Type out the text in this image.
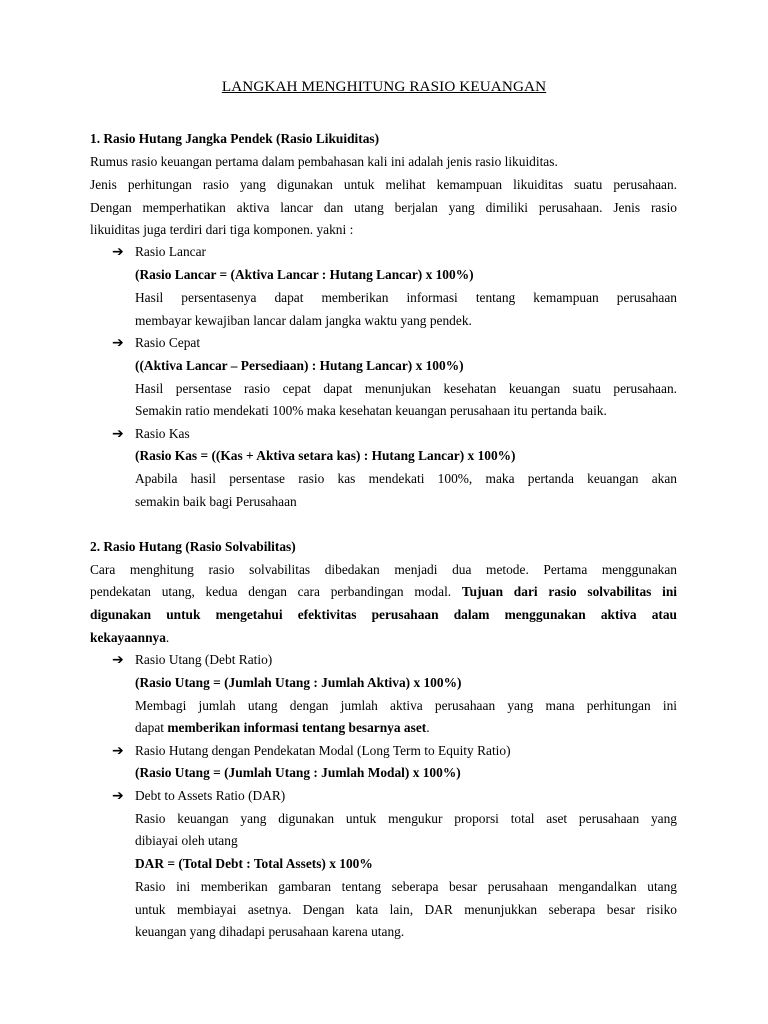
LANGKAH MENGHITUNG RASIO KEUANGAN
1. Rasio Hutang Jangka Pendek (Rasio Likuiditas)
Rumus rasio keuangan pertama dalam pembahasan kali ini adalah jenis rasio likuiditas.
Jenis perhitungan rasio yang digunakan untuk melihat kemampuan likuiditas suatu perusahaan.
Dengan memperhatikan aktiva lancar dan utang berjalan yang dimiliki perusahaan. Jenis rasio
likuiditas juga terdiri dari tiga komponen. yakni :
➔ Rasio Lancar
(Rasio Lancar = (Aktiva Lancar : Hutang Lancar) x 100%)
Hasil persentasenya dapat memberikan informasi tentang kemampuan perusahaan
membayar kewajiban lancar dalam jangka waktu yang pendek.
➔ Rasio Cepat
((Aktiva Lancar – Persediaan) : Hutang Lancar) x 100%)
Hasil persentase rasio cepat dapat menunjukan kesehatan keuangan suatu perusahaan.
Semakin ratio mendekati 100% maka kesehatan keuangan perusahaan itu pertanda baik.
➔ Rasio Kas
(Rasio Kas = ((Kas + Aktiva setara kas) : Hutang Lancar) x 100%)
Apabila hasil persentase rasio kas mendekati 100%, maka pertanda keuangan akan
semakin baik bagi Perusahaan
2. Rasio Hutang (Rasio Solvabilitas)
Cara menghitung rasio solvabilitas dibedakan menjadi dua metode. Pertama menggunakan
pendekatan utang, kedua dengan cara perbandingan modal. Tujuan dari rasio solvabilitas ini
digunakan untuk mengetahui efektivitas perusahaan dalam menggunakan aktiva atau
kekayaannya.
➔ Rasio Utang (Debt Ratio)
(Rasio Utang = (Jumlah Utang : Jumlah Aktiva) x 100%)
Membagi jumlah utang dengan jumlah aktiva perusahaan yang mana perhitungan ini
dapat memberikan informasi tentang besarnya aset.
➔ Rasio Hutang dengan Pendekatan Modal (Long Term to Equity Ratio)
(Rasio Utang = (Jumlah Utang : Jumlah Modal) x 100%)
➔ Debt to Assets Ratio (DAR)
Rasio keuangan yang digunakan untuk mengukur proporsi total aset perusahaan yang
dibiayai oleh utang
DAR = (Total Debt : Total Assets) x 100%
Rasio ini memberikan gambaran tentang seberapa besar perusahaan mengandalkan utang
untuk membiayai asetnya. Dengan kata lain, DAR menunjukkan seberapa besar risiko
keuangan yang dihadapi perusahaan karena utang.
